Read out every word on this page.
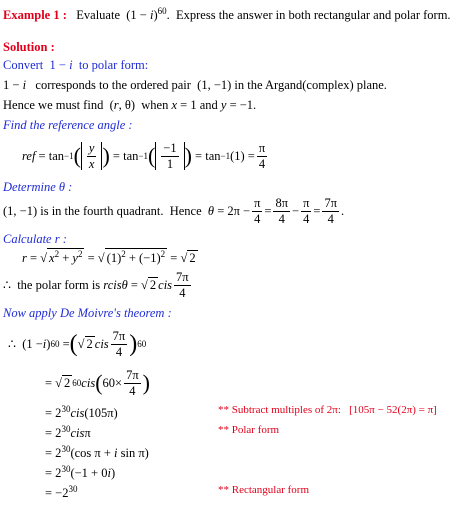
Example 1 : Evaluate  $(1 - i)^{60}$.  Express the answer in both rectangular and polar form.
Solution :
Convert  1 − i  to polar form:
1 − i   corresponds to the ordered pair  (1, −1) in the Argand(complex) plane.
Hence we must find  (r, θ)  when x = 1 and y = −1.
Find the reference angle :
ref = tan −1 ( $\frac{y}{x}$ ) = tan −1 ( $\frac{-1}{1}$ ) = tan −1 $(1) = \frac{\pi}{4}$
Determine θ :
(1, −1) is in the fourth quadrant.  Hence $\theta = 2\pi - \frac{\pi}{4} = \frac{8\pi}{4} - \frac{\pi}{4} = \frac{7\pi}{4}$ .
Calculate r :
r = √ $x^2 + y^2$ = √ $(1)^2 + (-1)^2$ = √ 2
∴  the polar form is rcisθ = √ 2 cis $\frac{7\pi}{4}$
Now apply De Moivre's theorem :
∴  (1 − i ) 60 = ( √ 2 cis $\frac{7\pi}{4}$ ) 60
= √ 2 60 cis ( $60\times \frac{7\pi}{4}$ )
= $2^{30}cis(105\pi)$	** Subtract multiples of 2π:   [105π − 52(2π) = π]
= $2^{30}cis\pi$	** Polar form
= $2^{30}(\cos$ π + i sin π)
= $2^{30}(-1 + 0i)$
= $-2^{30}$	** Rectangular form
